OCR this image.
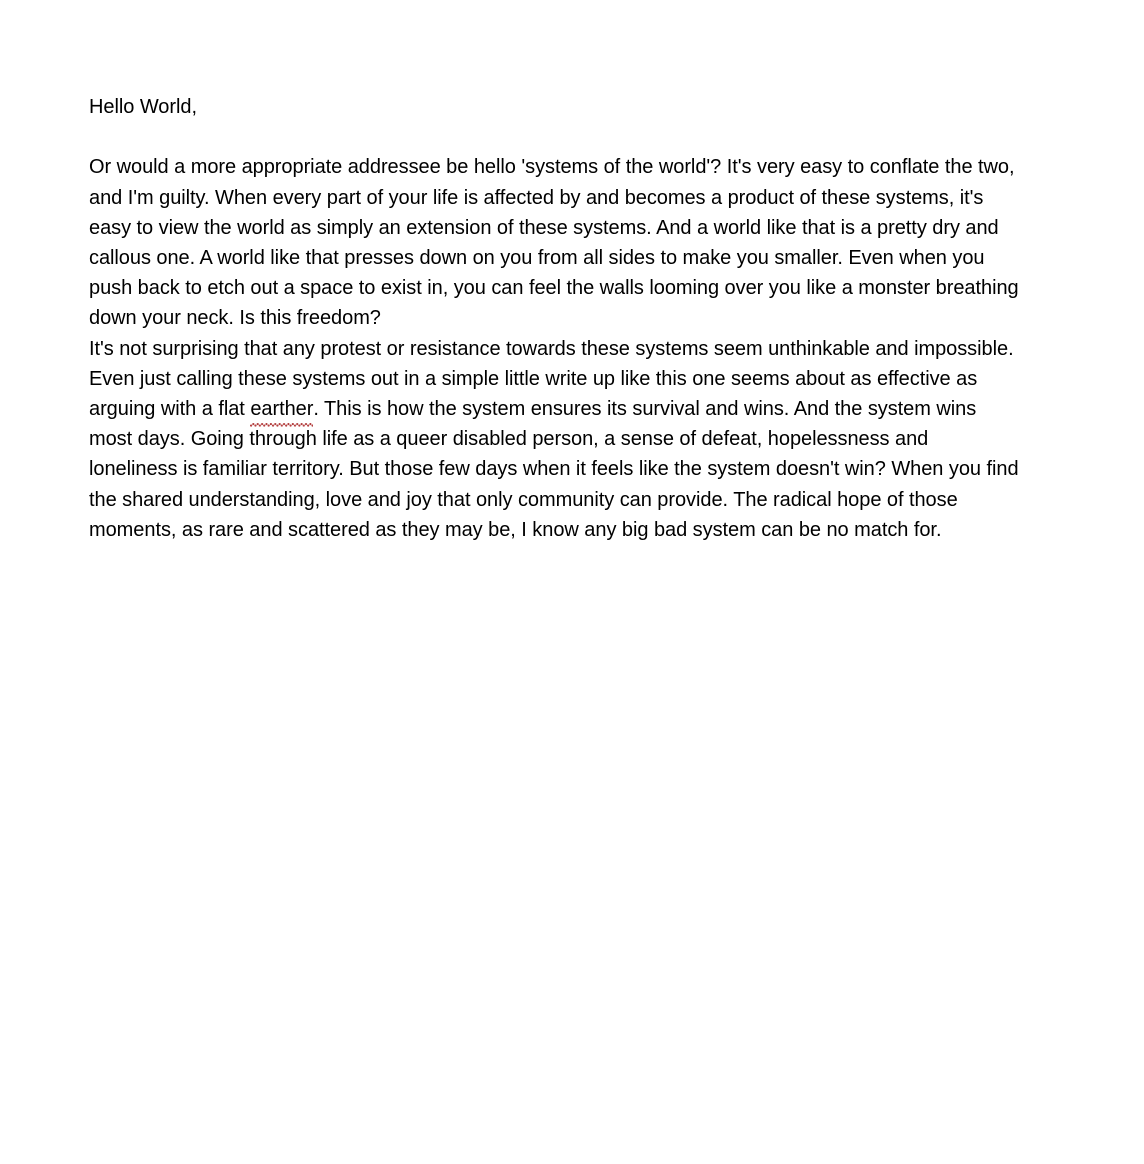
Hello World,

Or would a more appropriate addressee be hello 'systems of the world'? It's very easy to conflate the two, and I'm guilty. When every part of your life is affected by and becomes a product of these systems, it's easy to view the world as simply an extension of these systems. And a world like that is a pretty dry and callous one. A world like that presses down on you from all sides to make you smaller. Even when you push back to etch out a space to exist in, you can feel the walls looming over you like a monster breathing down your neck. Is this freedom?

It's not surprising that any protest or resistance towards these systems seem unthinkable and impossible. Even just calling these systems out in a simple little write up like this one seems about as effective as arguing with a flat earther. This is how the system ensures its survival and wins. And the system wins most days. Going through life as a queer disabled person, a sense of defeat, hopelessness and loneliness is familiar territory. But those few days when it feels like the system doesn't win? When you find the shared understanding, love and joy that only community can provide. The radical hope of those moments, as rare and scattered as they may be, I know any big bad system can be no match for.
